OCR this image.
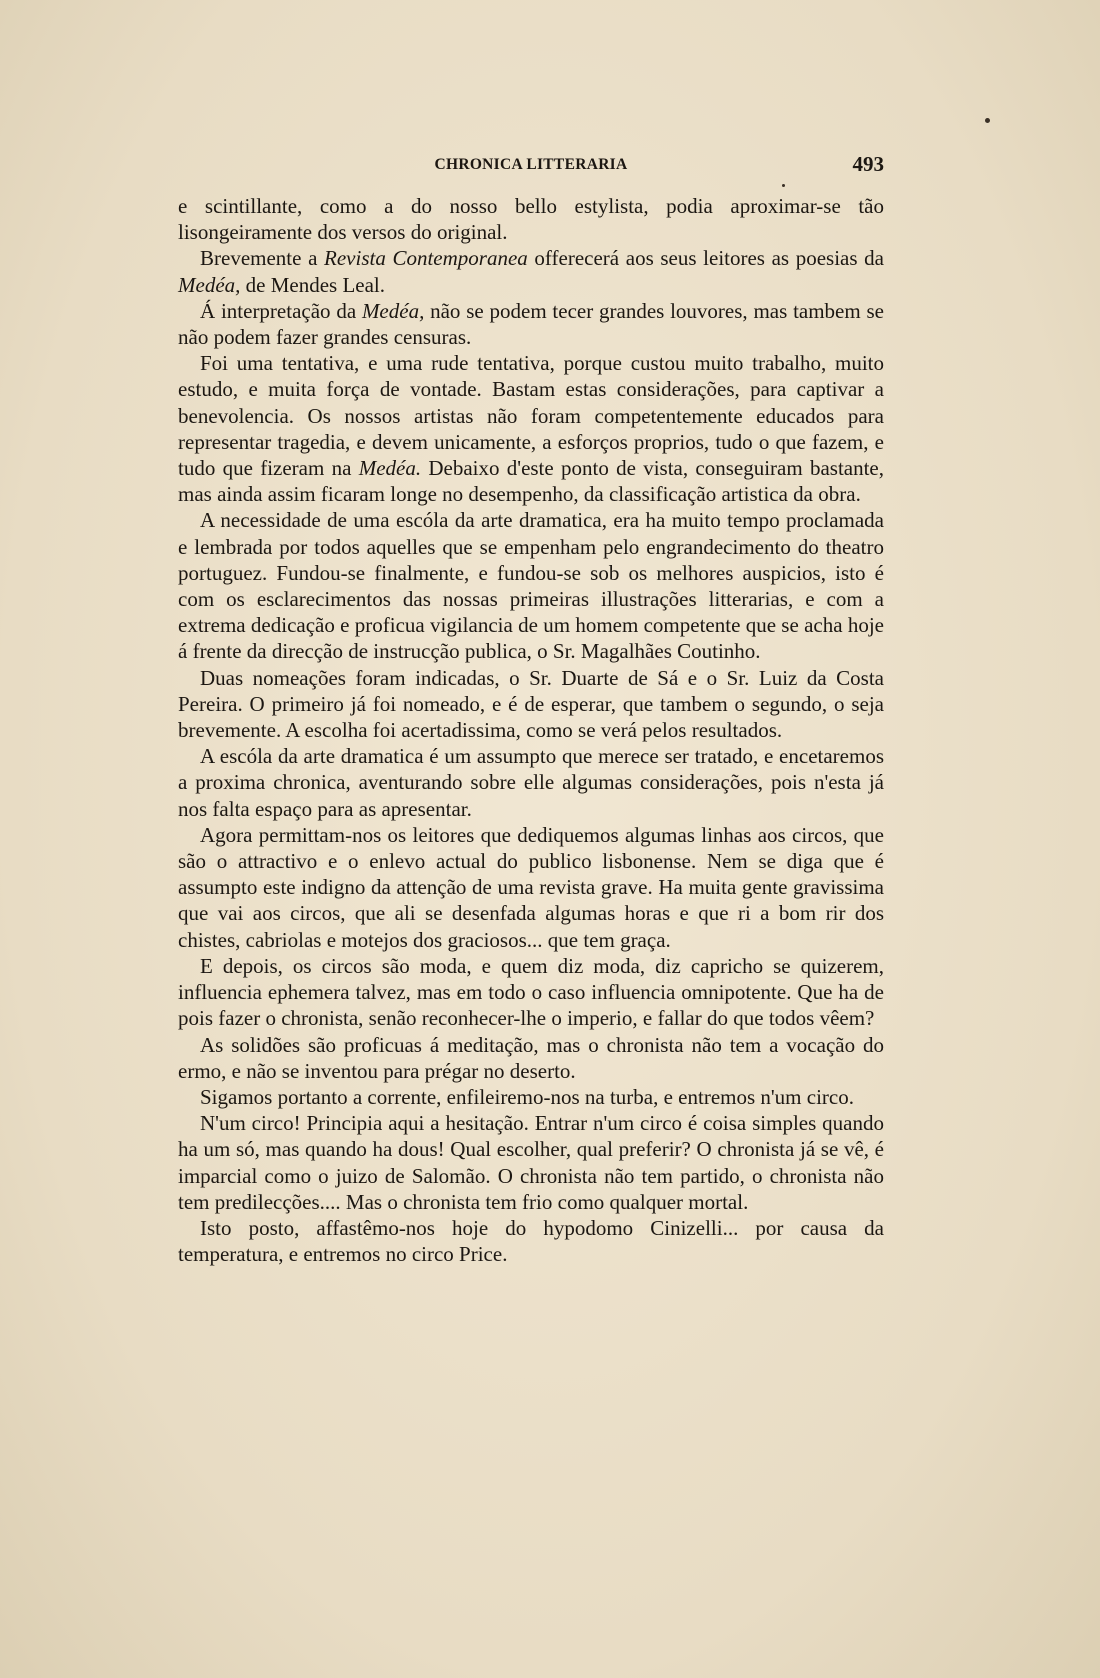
CHRONICA LITTERARIA	493

e scintillante, como a do nosso bello estylista, podia aproximar-se tão lisongeiramente dos versos do original.

Brevemente a Revista Contemporanea offerecerá aos seus leitores as poesias da Medéa, de Mendes Leal.

Á interpretação da Medéa, não se podem tecer grandes louvores, mas tambem se não podem fazer grandes censuras.

Foi uma tentativa, e uma rude tentativa, porque custou muito trabalho, muito estudo, e muita força de vontade. Bastam estas considerações, para captivar a benevolencia. Os nossos artistas não foram competentemente educados para representar tragedia, e devem unicamente, a esforços proprios, tudo o que fazem, e tudo que fizeram na Medéa. Debaixo d'este ponto de vista, conseguiram bastante, mas ainda assim ficaram longe no desempenho, da classificação artistica da obra.

A necessidade de uma escóla da arte dramatica, era ha muito tempo proclamada e lembrada por todos aquelles que se empenham pelo engrandecimento do theatro portuguez. Fundou-se finalmente, e fundou-se sob os melhores auspicios, isto é com os esclarecimentos das nossas primeiras illustrações litterarias, e com a extrema dedicação e proficua vigilancia de um homem competente que se acha hoje á frente da direcção de instrucção publica, o Sr. Magalhães Coutinho.

Duas nomeações foram indicadas, o Sr. Duarte de Sá e o Sr. Luiz da Costa Pereira. O primeiro já foi nomeado, e é de esperar, que tambem o segundo, o seja brevemente. A escolha foi acertadissima, como se verá pelos resultados.

A escóla da arte dramatica é um assumpto que merece ser tratado, e encetaremos a proxima chronica, aventurando sobre elle algumas considerações, pois n'esta já nos falta espaço para as apresentar.

Agora permittam-nos os leitores que dediquemos algumas linhas aos circos, que são o attractivo e o enlevo actual do publico lisbonense. Nem se diga que é assumpto este indigno da attenção de uma revista grave. Ha muita gente gravissima que vai aos circos, que ali se desenfada algumas horas e que ri a bom rir dos chistes, cabriolas e motejos dos graciosos... que tem graça.

E depois, os circos são moda, e quem diz moda, diz capricho se quizerem, influencia ephemera talvez, mas em todo o caso influencia omnipotente. Que ha de pois fazer o chronista, senão reconhecer-lhe o imperio, e fallar do que todos vêem?

As solidões são proficuas á meditação, mas o chronista não tem a vocação do ermo, e não se inventou para prégar no deserto.

Sigamos portanto a corrente, enfileiremo-nos na turba, e entremos n'um circo.

N'um circo! Principia aqui a hesitação. Entrar n'um circo é coisa simples quando ha um só, mas quando ha dous! Qual escolher, qual preferir? O chronista já se vê, é imparcial como o juizo de Salomão. O chronista não tem partido, o chronista não tem predilecções.... Mas o chronista tem frio como qualquer mortal.

Isto posto, affastêmo-nos hoje do hypodomo Cinizelli... por causa da temperatura, e entremos no circo Price.
